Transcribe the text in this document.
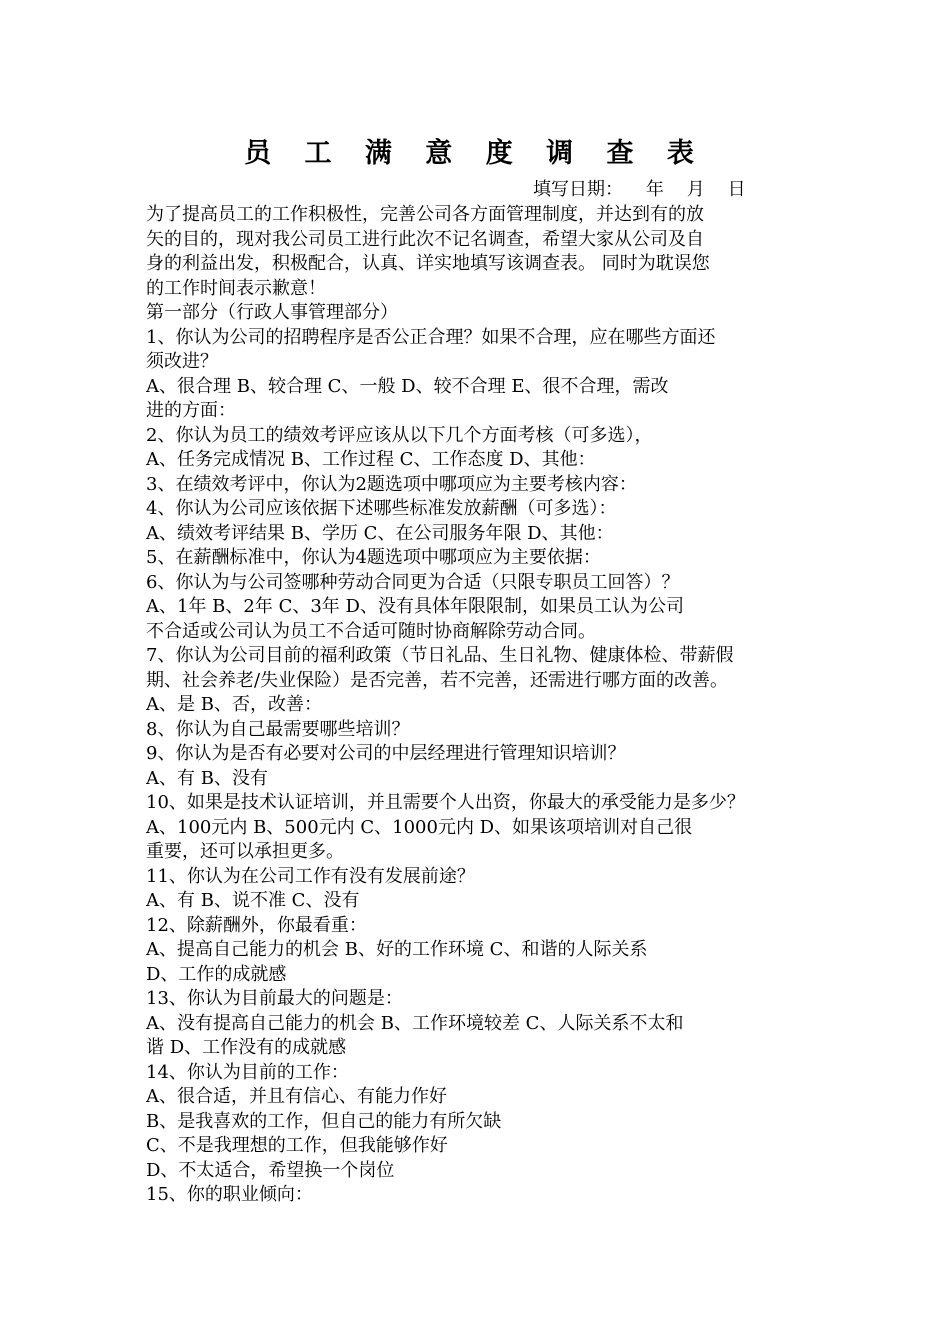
员 工 满 意 度 调 查 表
填写日期：    年    月    日
为了提高员工的工作积极性，完善公司各方面管理制度，并达到有的放
矢的目的，现对我公司员工进行此次不记名调查，希望大家从公司及自
身的利益出发，积极配合，认真、详实地填写该调查表。 同时为耽误您
的工作时间表示歉意！
第一部分（行政人事管理部分）
1、你认为公司的招聘程序是否公正合理？如果不合理，应在哪些方面还
须改进？
A、很合理 B、较合理 C、一般 D、较不合理 E、很不合理，需改
进的方面：
2、你认为员工的绩效考评应该从以下几个方面考核（可多选），
A、任务完成情况 B、工作过程 C、工作态度 D、其他：
3、在绩效考评中，你认为2题选项中哪项应为主要考核内容：
4、你认为公司应该依据下述哪些标准发放薪酬（可多选）：
A、绩效考评结果 B、学历 C、在公司服务年限 D、其他：
5、在薪酬标准中，你认为4题选项中哪项应为主要依据：
6、你认为与公司签哪种劳动合同更为合适（只限专职员工回答）？
A、1年 B、2年 C、3年 D、没有具体年限限制，如果员工认为公司
不合适或公司认为员工不合适可随时协商解除劳动合同。
7、你认为公司目前的福利政策（节日礼品、生日礼物、健康体检、带薪假
期、社会养老/失业保险）是否完善，若不完善，还需进行哪方面的改善。
A、是 B、否，改善：
8、你认为自己最需要哪些培训？
9、你认为是否有必要对公司的中层经理进行管理知识培训？
A、有 B、没有
10、如果是技术认证培训，并且需要个人出资，你最大的承受能力是多少？
A、100元内 B、500元内 C、1000元内 D、如果该项培训对自己很
重要，还可以承担更多。
11、你认为在公司工作有没有发展前途？
A、有 B、说不准 C、没有
12、除薪酬外，你最看重：
A、提高自己能力的机会 B、好的工作环境 C、和谐的人际关系
D、工作的成就感
13、你认为目前最大的问题是：
A、没有提高自己能力的机会 B、工作环境较差 C、人际关系不太和
谐 D、工作没有的成就感
14、你认为目前的工作：
A、很合适，并且有信心、有能力作好
B、是我喜欢的工作，但自己的能力有所欠缺
C、不是我理想的工作，但我能够作好
D、不太适合，希望换一个岗位
15、你的职业倾向：
